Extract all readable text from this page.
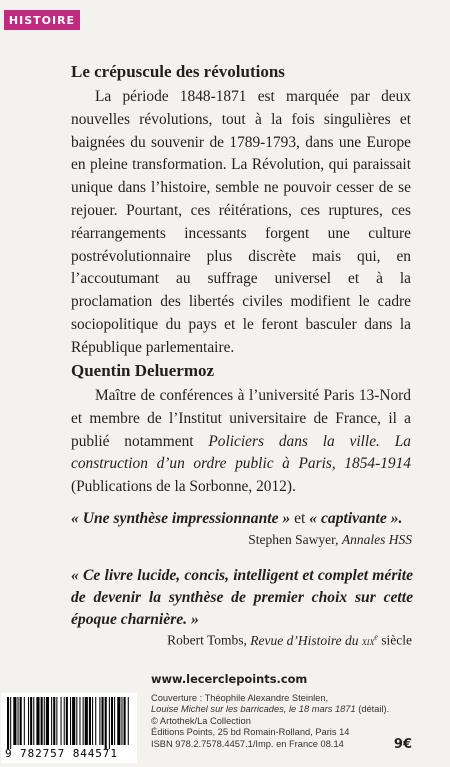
HISTOIRE
Le crépuscule des révolutions

La période 1848-1871 est marquée par deux nouvelles révolutions, tout à la fois singulières et baignées du souvenir de 1789-1793, dans une Europe en pleine transformation. La Révolution, qui paraissait unique dans l’histoire, semble ne pouvoir cesser de se rejouer. Pourtant, ces réitérations, ces ruptures, ces réarrangements incessants forgent une culture postrévolutionnaire plus discrète mais qui, en l’accoutumant au suffrage universel et à la proclamation des libertés civiles modifient le cadre sociopolitique du pays et le feront basculer dans la République parlementaire.

Quentin Deluermoz

Maître de conférences à l’université Paris 13-Nord et membre de l’Institut universitaire de France, il a publié notamment Policiers dans la ville. La construction d’un ordre public à Paris, 1854-1914 (Publications de la Sorbonne, 2012).

« Une synthèse impressionnante » et « captivante ».

Stephen Sawyer, Annales HSS

« Ce livre lucide, concis, intelligent et complet mérite de devenir la synthèse de premier choix sur cette époque charnière. »

Robert Tombs, Revue d’Histoire du xix$^e$ siècle

www.lecerclepoints.com
Couverture : Théophile Alexandre Steinlen,
Louise Michel sur les barricades, le 18 mars 1871 (détail).
© Artothek/La Collection
Éditions Points, 25 bd Romain-Rolland, Paris 14
ISBN 978.2.7578.4457.1/Imp. en France 08.14	9€
9 782757 844571
